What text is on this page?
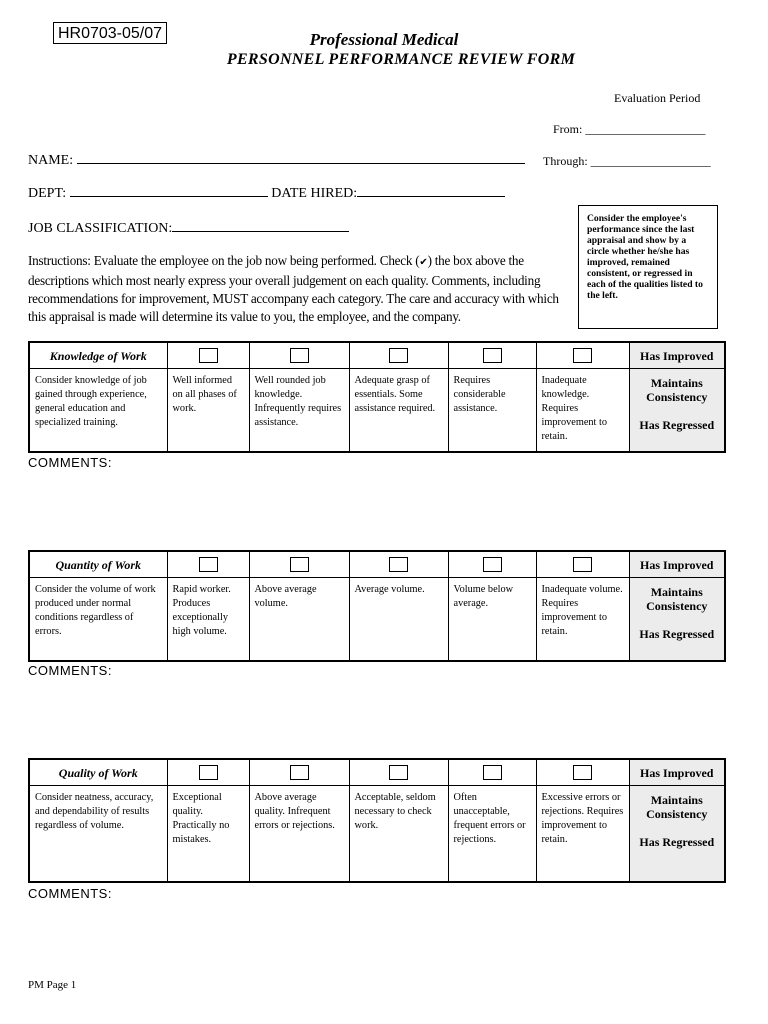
HR0703-05/07	Professional Medical
PERSONNEL PERFORMANCE REVIEW FORM
Evaluation Period
From: ____________________
Through: ____________________
NAME:
DEPT:	DATE HIRED:
JOB CLASSIFICATION:
Instructions: Evaluate the employee on the job now being performed. Check (✔) the box above the descriptions which most nearly express your overall judgement on each quality. Comments, including recommendations for improvement, MUST accompany each category. The care and accuracy with which this appraisal is made will determine its value to you, the employee, and the company.
Consider the employee's performance since the last appraisal and show by a circle whether he/she has improved, remained consistent, or regressed in each of the qualities listed to the left.
Knowledge of Work						Has Improved
Consider knowledge of job gained through experience, general education and specialized training.	Well informed on all phases of work.	Well rounded job knowledge. Infrequently requires assistance.	Adequate grasp of essentials. Some assistance required.	Requires considerable assistance.	Inadequate knowledge. Requires improvement to retain.	Maintains
Consistency
Has Regressed
COMMENTS:
Quantity of Work						Has Improved
Consider the volume of work produced under normal conditions regardless of errors.	Rapid worker. Produces exceptionally high volume.	Above average volume.	Average volume.	Volume below average.	Inadequate volume. Requires improvement to retain.	Maintains
Consistency
Has Regressed
COMMENTS:
Quality of Work						Has Improved
Consider neatness, accuracy, and dependability of results regardless of volume.	Exceptional quality. Practically no mistakes.	Above average quality. Infrequent errors or rejections.	Acceptable, seldom necessary to check work.	Often unacceptable, frequent errors or rejections.	Excessive errors or rejections. Requires improvement to retain.	Maintains
Consistency
Has Regressed
COMMENTS:
PM Page 1
